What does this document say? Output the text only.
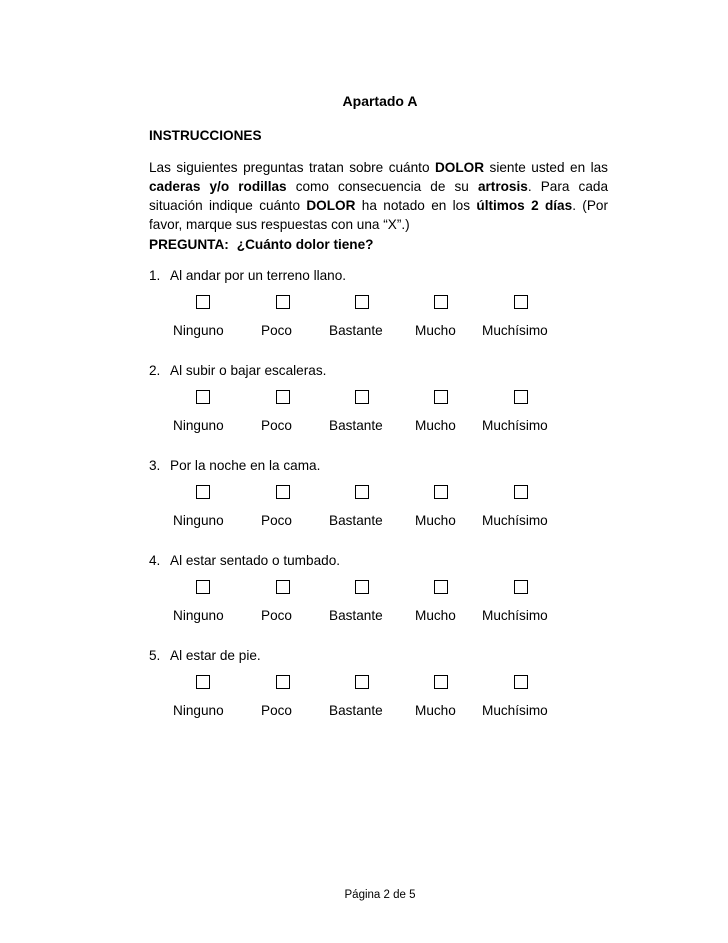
Apartado A
INSTRUCCIONES

Las siguientes preguntas tratan sobre cuánto DOLOR siente usted en las caderas y/o rodillas como consecuencia de su artrosis. Para cada situación indique cuánto DOLOR ha notado en los últimos 2 días. (Por favor, marque sus respuestas con una “X”.)

PREGUNTA: ¿Cuánto dolor tiene?
1. Al andar por un terreno llano.
Ninguno	Poco	Bastante Mucho Muchísimo
2. Al subir o bajar escaleras.
Ninguno	Poco	Bastante Mucho Muchísimo
3. Por la noche en la cama.
Ninguno	Poco	Bastante Mucho Muchísimo
4. Al estar sentado o tumbado.
Ninguno	Poco	Bastante Mucho Muchísimo
5. Al estar de pie.
Ninguno	Poco	Bastante Mucho Muchísimo
Página 2 de 5
